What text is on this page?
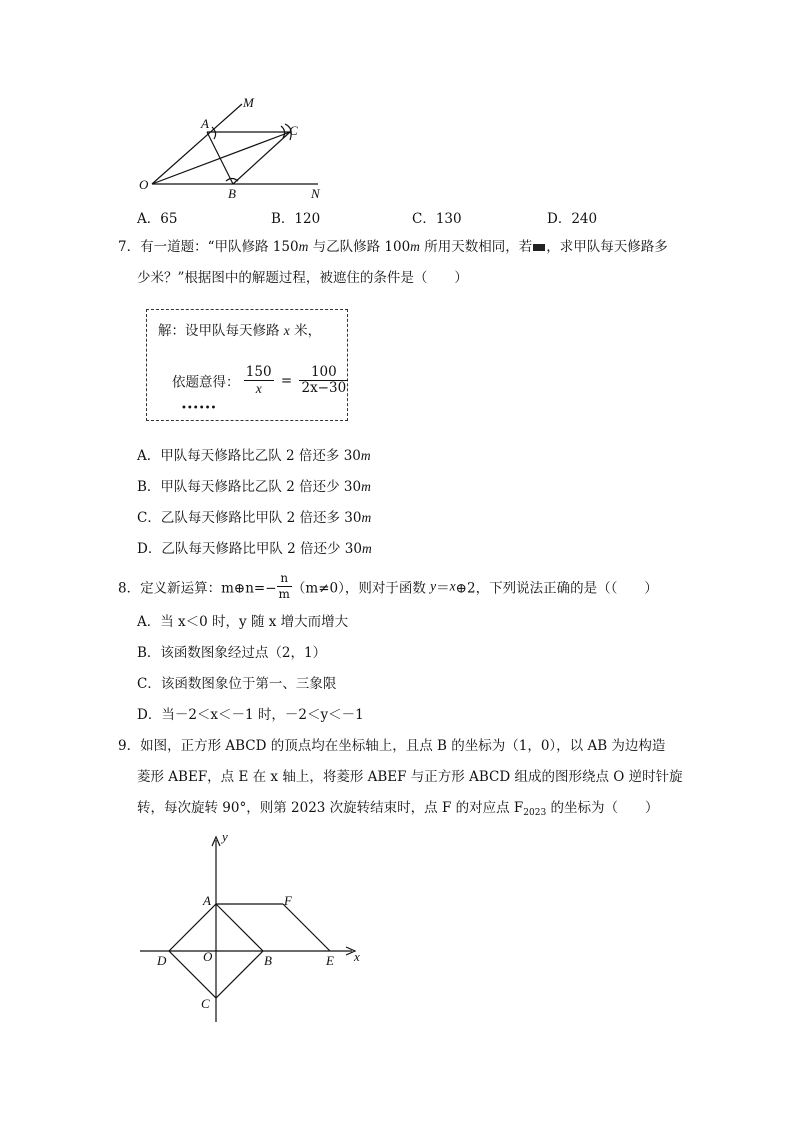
M
A	C
O
B	N
A．65	B．120	C．130	D．240
7．有一道题：“甲队修路 150m 与乙队修路 100m 所用天数相同，若 ，求甲队每天修路多
少米？”根据图中的解题过程，被遮住的条件是（　　）
解：设甲队每天修路 x 米，
依题意得： $\frac{150}{x} = \frac{100}{2x-30}$
••••••
A．甲队每天修路比乙队 2 倍还多 30m
B．甲队每天修路比乙队 2 倍还少 30m
C．乙队每天修路比甲队 2 倍还多 30m
D．乙队每天修路比甲队 2 倍还少 30m
8．定义新运算：m⊕n=− $\frac{n}{m} (m\ne 0)$，则对于函数 y＝x⊕2，下列说法正确的是（（　　）
A．当 x＜0 时，y 随 x 增大而增大
B．该函数图象经过点（2，1）
C．该函数图象位于第一、三象限
D．当－2＜x＜－1 时，－2＜y＜－1
9．如图，正方形 ABCD 的顶点均在坐标轴上，且点 B 的坐标为（1，0），以 AB 为边构造
菱形 ABEF，点 E 在 x 轴上，将菱形 ABEF 与正方形 ABCD 组成的图形绕点 O 逆时针旋
转，每次旋转 90°，则第 2023 次旋转结束时，点 F 的对应点 $F_{2023}$ 的坐标为（　　）
y
x
A	F
D	O	B	E
C
